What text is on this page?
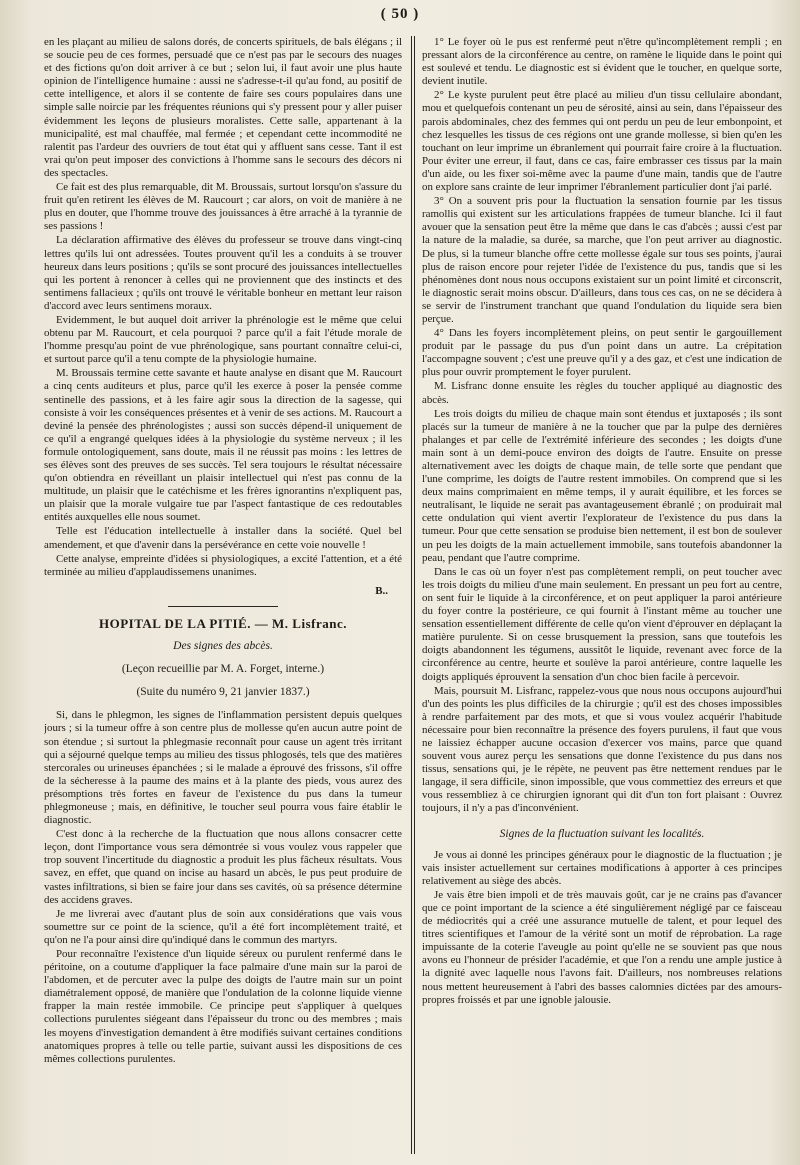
( 50 )

en les plaçant au milieu de salons dorés, de concerts spirituels, de bals élégans ; il se soucie peu de ces formes, persuadé que ce n'est pas par le secours des nuages et des fictions qu'on doit arriver à ce but ; selon lui, il faut avoir une plus haute opinion de l'intelligence humaine : aussi ne s'adresse-t-il qu'au fond, au positif de cette intelligence, et alors il se contente de faire ses cours populaires dans une simple salle noircie par les fréquentes réunions qui s'y pressent pour y aller puiser évidemment les leçons de plusieurs moralistes. Cette salle, appartenant à la municipalité, est mal chauffée, mal fermée ; et cependant cette incommodité ne ralentit pas l'ardeur des ouvriers de tout état qui y affluent sans cesse. Tant il est vrai qu'on peut imposer des convictions à l'homme sans le secours des décors ni des spectacles.

Ce fait est des plus remarquable, dit M. Broussais, surtout lorsqu'on s'assure du fruit qu'en retirent les élèves de M. Raucourt ; car alors, on voit de manière à ne plus en douter, que l'homme trouve des jouissances à être arraché à la tyrannie de ses passions !

La déclaration affirmative des élèves du professeur se trouve dans vingt-cinq lettres qu'ils lui ont adressées. Toutes prouvent qu'il les a conduits à se trouver heureux dans leurs positions ; qu'ils se sont procuré des jouissances intellectuelles qui les portent à renoncer à celles qui ne proviennent que des instincts et des sentimens fallacieux ; qu'ils ont trouvé le véritable bonheur en mettant leur raison d'accord avec leurs sentimens moraux.

Evidemment, le but auquel doit arriver la phrénologie est le même que celui obtenu par M. Raucourt, et cela pourquoi ? parce qu'il a fait l'étude morale de l'homme presqu'au point de vue phrénologique, sans pourtant connaître celui-ci, et surtout parce qu'il a tenu compte de la physiologie humaine.

M. Broussais termine cette savante et haute analyse en disant que M. Raucourt a cinq cents auditeurs et plus, parce qu'il les exerce à poser la pensée comme sentinelle des passions, et à les faire agir sous la direction de la sagesse, qui consiste à voir les conséquences présentes et à venir de ses actions. M. Raucourt a deviné la pensée des phrénologistes ; aussi son succès dépend-il uniquement de ce qu'il a engrangé quelques idées à la physiologie du système nerveux ; il les formule ontologiquement, sans doute, mais il ne réussit pas moins : les lettres de ses élèves sont des preuves de ses succès. Tel sera toujours le résultat nécessaire qu'on obtiendra en réveillant un plaisir intellectuel qui n'est pas connu de la multitude, un plaisir que le catéchisme et les frères ignorantins n'expliquent pas, un plaisir que la morale vulgaire tue par l'aspect fantastique de ces redoutables entités auxquelles elle nous soumet.

Telle est l'éducation intellectuelle à installer dans la société. Quel bel amendement, et que d'avenir dans la persévérance en cette voie nouvelle !

Cette analyse, empreinte d'idées si physiologiques, a excité l'attention, et a été terminée au milieu d'applaudissemens unanimes.

B..
HOPITAL DE LA PITIÉ. — M. Lisfranc.
Des signes des abcès.
(Leçon recueillie par M. A. Forget, interne.)
(Suite du numéro 9, 21 janvier 1837.)

Si, dans le phlegmon, les signes de l'inflammation persistent depuis quelques jours ; si la tumeur offre à son centre plus de mollesse qu'en aucun autre point de son étendue ; si surtout la phlegmasie reconnaît pour cause un agent très irritant qui a séjourné quelque temps au milieu des tissus phlogosés, tels que des matières stercorales ou urineuses épanchées ; si le malade a éprouvé des frissons, s'il offre de la sécheresse à la paume des mains et à la plante des pieds, vous aurez des présomptions très fortes en faveur de l'existence du pus dans la tumeur phlegmoneuse ; mais, en définitive, le toucher seul pourra vous faire établir le diagnostic.

C'est donc à la recherche de la fluctuation que nous allons consacrer cette leçon, dont l'importance vous sera démontrée si vous voulez vous rappeler que trop souvent l'incertitude du diagnostic a produit les plus fâcheux résultats. Vous savez, en effet, que quand on incise au hasard un abcès, le pus peut produire de vastes infiltrations, si bien se faire jour dans ses cavités, où sa présence détermine des accidens graves.

Je me livrerai avec d'autant plus de soin aux considérations que vais vous soumettre sur ce point de la science, qu'il a été fort incomplètement traité, et qu'on ne l'a pour ainsi dire qu'indiqué dans le commun des martyrs.

Pour reconnaître l'existence d'un liquide séreux ou purulent renfermé dans le péritoine, on a coutume d'appliquer la face palmaire d'une main sur la paroi de l'abdomen, et de percuter avec la pulpe des doigts de l'autre main sur un point diamétralement opposé, de manière que l'ondulation de la colonne liquide vienne frapper la main restée immobile. Ce principe peut s'appliquer à quelques collections purulentes siégeant dans l'épaisseur du tronc ou des membres ; mais les moyens d'investigation demandent à être modifiés suivant certaines conditions anatomiques propres à telle ou telle partie, suivant aussi les dispositions de ces mêmes collections purulentes.

1° Le foyer où le pus est renfermé peut n'être qu'incomplètement rempli ; en pressant alors de la circonférence au centre, on ramène le liquide dans le point qui est soulevé et tendu. Le diagnostic est si évident que le toucher, en quelque sorte, devient inutile.

2° Le kyste purulent peut être placé au milieu d'un tissu cellulaire abondant, mou et quelquefois contenant un peu de sérosité, ainsi au sein, dans l'épaisseur des parois abdominales, chez des femmes qui ont perdu un peu de leur embonpoint, et chez lesquelles les tissus de ces régions ont une grande mollesse, si bien qu'en les touchant on leur imprime un ébranlement qui pourrait faire croire à la fluctuation. Pour éviter une erreur, il faut, dans ce cas, faire embrasser ces tissus par la main d'un aide, ou les fixer soi-même avec la paume d'une main, tandis que de l'autre on explore sans crainte de leur imprimer l'ébranlement particulier dont j'ai parlé.

3° On a souvent pris pour la fluctuation la sensation fournie par les tissus ramollis qui existent sur les articulations frappées de tumeur blanche. Ici il faut avouer que la sensation peut être la même que dans le cas d'abcès ; aussi c'est par la nature de la maladie, sa durée, sa marche, que l'on peut arriver au diagnostic. De plus, si la tumeur blanche offre cette mollesse égale sur tous ses points, j'aurai plus de raison encore pour rejeter l'idée de l'existence du pus, tandis que si les phénomènes dont nous nous occupons existaient sur un point limité et circonscrit, le diagnostic serait moins obscur. D'ailleurs, dans tous ces cas, on ne se décidera à se servir de l'instrument tranchant que quand l'ondulation du liquide sera bien perçue.

4° Dans les foyers incomplètement pleins, on peut sentir le gargouillement produit par le passage du pus d'un point dans un autre. La crépitation l'accompagne souvent ; c'est une preuve qu'il y a des gaz, et c'est une indication de plus pour ouvrir promptement le foyer purulent.

M. Lisfranc donne ensuite les règles du toucher appliqué au diagnostic des abcès.

Les trois doigts du milieu de chaque main sont étendus et juxtaposés ; ils sont placés sur la tumeur de manière à ne la toucher que par la pulpe des dernières phalanges et par celle de l'extrémité inférieure des secondes ; les doigts d'une main sont à un demi-pouce environ des doigts de l'autre. Ensuite on presse alternativement avec les doigts de chaque main, de telle sorte que pendant que l'une comprime, les doigts de l'autre restent immobiles. On comprend que si les deux mains comprimaient en même temps, il y aurait équilibre, et les forces se neutralisant, le liquide ne serait pas avantageusement ébranlé ; on produirait mal cette ondulation qui vient avertir l'explorateur de l'existence du pus dans la tumeur. Pour que cette sensation se produise bien nettement, il est bon de soulever un peu les doigts de la main actuellement immobile, sans toutefois abandonner la peau, pendant que l'autre comprime.

Dans le cas où un foyer n'est pas complètement rempli, on peut toucher avec les trois doigts du milieu d'une main seulement. En pressant un peu fort au centre, on sent fuir le liquide à la circonférence, et on peut appliquer la paroi antérieure du foyer contre la postérieure, ce qui fournit à l'instant même au toucher une sensation essentiellement différente de celle qu'on vient d'éprouver en déplaçant la matière purulente. Si on cesse brusquement la pression, sans que toutefois les doigts abandonnent les tégumens, aussitôt le liquide, revenant avec force de la circonférence au centre, heurte et soulève la paroi antérieure, contre laquelle les doigts appliqués éprouvent la sensation d'un choc bien facile à percevoir.

Mais, poursuit M. Lisfranc, rappelez-vous que nous nous occupons aujourd'hui d'un des points les plus difficiles de la chirurgie ; qu'il est des choses impossibles à rendre parfaitement par des mots, et que si vous voulez acquérir l'habitude nécessaire pour bien reconnaître la présence des foyers purulens, il faut que vous ne laissiez échapper aucune occasion d'exercer vos mains, parce que quand souvent vous aurez perçu les sensations que donne l'existence du pus dans nos tissus, sensations qui, je le répète, ne peuvent pas être nettement rendues par le langage, il sera difficile, sinon impossible, que vous commettiez des erreurs et que vous ressembliez à ce chirurgien ignorant qui dit d'un ton fort plaisant : Ouvrez toujours, il n'y a pas d'inconvénient.

Signes de la fluctuation suivant les localités.

Je vous ai donné les principes généraux pour le diagnostic de la fluctuation ; je vais insister actuellement sur certaines modifications à apporter à ces principes relativement au siège des abcès.

Je vais être bien impoli et de très mauvais goût, car je ne crains pas d'avancer que ce point important de la science a été singulièrement négligé par ce faisceau de médiocrités qui a créé une assurance mutuelle de talent, et pour lequel des titres scientifiques et l'amour de la vérité sont un motif de réprobation. La rage impuissante de la coterie l'aveugle au point qu'elle ne se souvient pas que nous avons eu l'honneur de présider l'académie, et que l'on a rendu une ample justice à la dignité avec laquelle nous l'avons fait. D'ailleurs, nos nombreuses relations nous mettent heureusement à l'abri des basses calomnies dictées par des amours-propres froissés et par une ignoble jalousie.
